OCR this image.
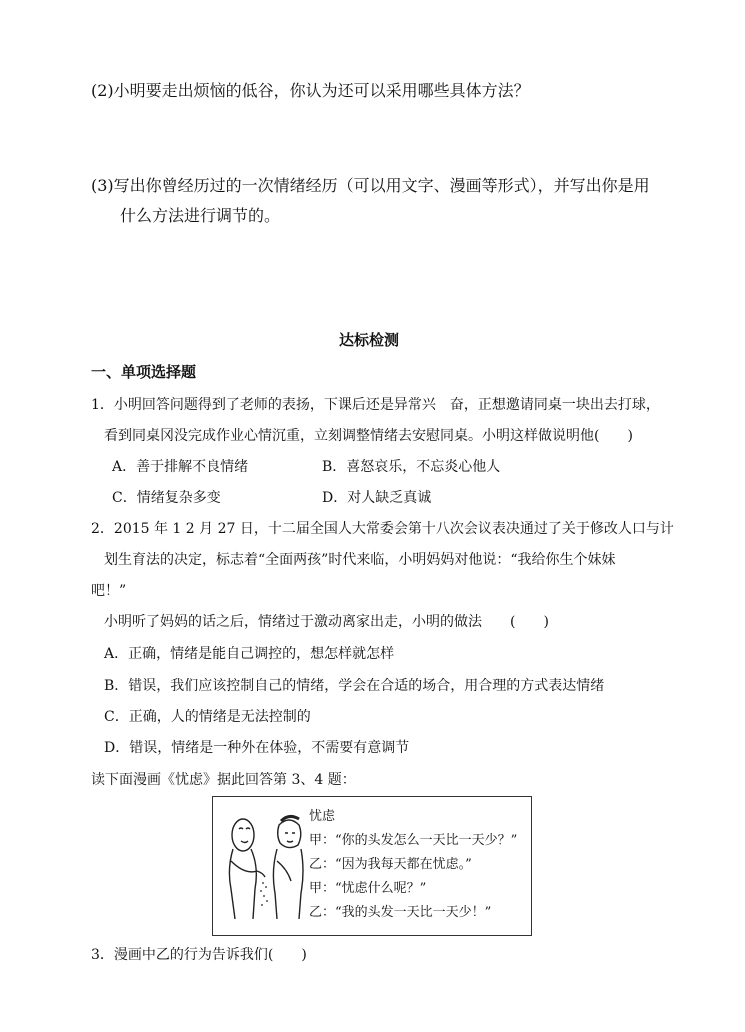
(2)小明要走出烦恼的低谷，你认为还可以采用哪些具体方法？
(3)写出你曾经历过的一次情绪经历（可以用文字、漫画等形式），并写出你是用
什么方法进行调节的。
达标检测
一、单项选择题
1．小明回答问题得到了老师的表扬，下课后还是异常兴　奋，正想邀请同桌一块出去打球，
看到同桌冈没完成作业心情沉重，立刻调整情绪去安慰同桌。小明这样做说明他(　　)
A．善于排解不良情绪	B．喜怒哀乐，不忘炎心他人
C．情绪复杂多变	D．对人缺乏真诚
2．2015 年 1 2 月 27 日，十二届全国人大常委会第十八次会议表决通过了关于修改人口与计
划生育法的决定，标志着“全面两孩”时代来临，小明妈妈对他说：“我给你生个妹妹
吧！”
小明听了妈妈的话之后，情绪过于激动离家出走，小明的做法　　(　　)
A．正确，情绪是能自己调控的，想怎样就怎样
B．错误，我们应该控制自己的情绪，学会在合适的场合，用合理的方式表达情绪
C．正确，人的情绪是无法控制的
D．错误，情绪是一种外在体验，不需要有意调节
读下面漫画《忧虑》据此回答第 3、4 题：
忧虑
甲：“你的头发怎么一天比一天少？”
乙：“因为我每天都在忧虑。”
甲：“忧虑什么呢？”
乙：“我的头发一天比一天少！”
3．漫画中乙的行为告诉我们(　　)
